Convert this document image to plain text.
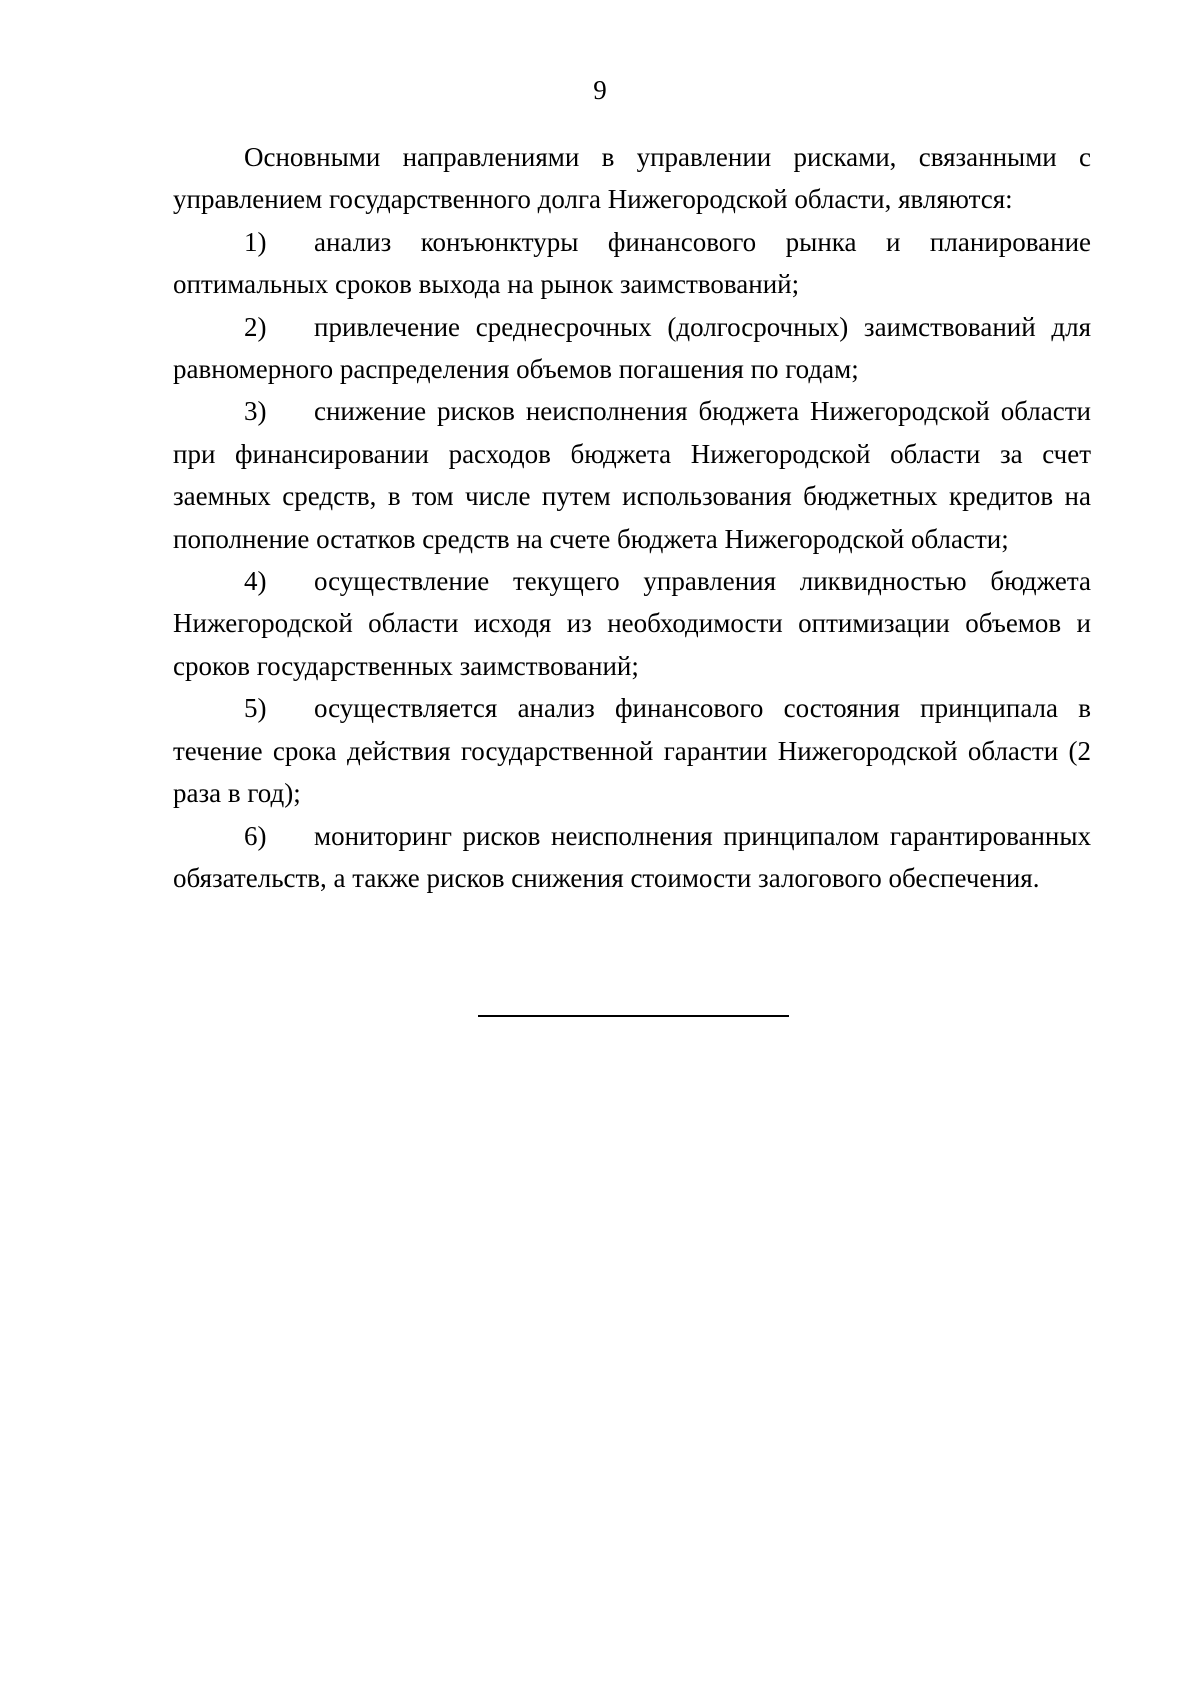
9

Основными направлениями в управлении рисками, связанными с управлением государственного долга Нижегородской области, являются:

1) анализ конъюнктуры финансового рынка и планирование оптимальных сроков выхода на рынок заимствований;

2) привлечение среднесрочных (долгосрочных) заимствований для равномерного распределения объемов погашения по годам;

3) снижение рисков неисполнения бюджета Нижегородской области при финансировании расходов бюджета Нижегородской области за счет заемных средств, в том числе путем использования бюджетных кредитов на пополнение остатков средств на счете бюджета Нижегородской области;

4) осуществление текущего управления ликвидностью бюджета Нижегородской области исходя из необходимости оптимизации объемов и сроков государственных заимствований;

5) осуществляется анализ финансового состояния принципала в течение срока действия государственной гарантии Нижегородской области (2 раза в год);

6) мониторинг рисков неисполнения принципалом гарантированных обязательств, а также рисков снижения стоимости залогового обеспечения.
